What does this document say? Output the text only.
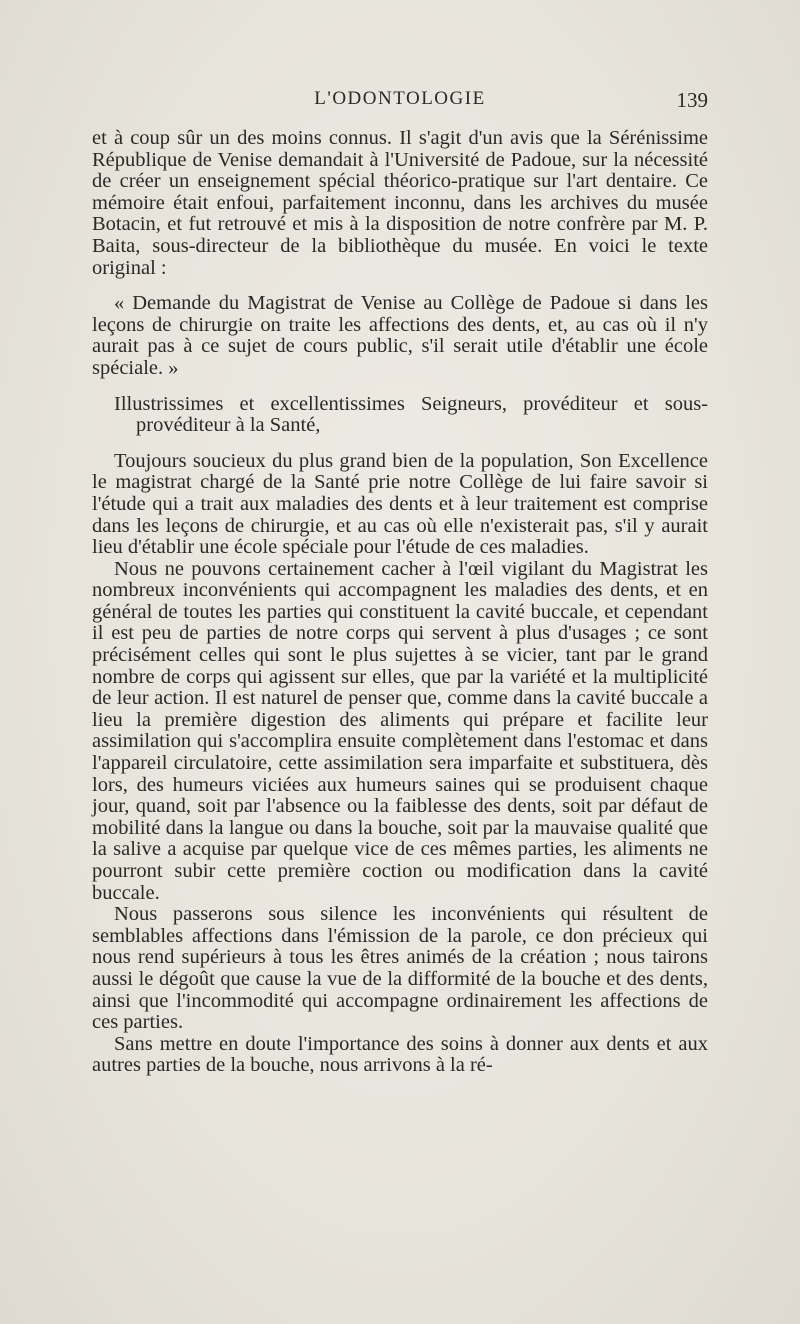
L'ODONTOLOGIE	139

et à coup sûr un des moins connus. Il s'agit d'un avis que la Sérénissime République de Venise demandait à l'Université de Padoue, sur la nécessité de créer un enseignement spécial théorico-pratique sur l'art dentaire. Ce mémoire était enfoui, parfaitement inconnu, dans les archives du musée Botacin, et fut retrouvé et mis à la disposition de notre confrère par M. P. Baita, sous-directeur de la bibliothèque du musée. En voici le texte original :

« Demande du Magistrat de Venise au Collège de Padoue si dans les leçons de chirurgie on traite les affections des dents, et, au cas où il n'y aurait pas à ce sujet de cours public, s'il serait utile d'établir une école spéciale. »

Illustrissimes et excellentissimes Seigneurs, provéditeur et sous-provéditeur à la Santé,

Toujours soucieux du plus grand bien de la population, Son Excellence le magistrat chargé de la Santé prie notre Collège de lui faire savoir si l'étude qui a trait aux maladies des dents et à leur traitement est comprise dans les leçons de chirurgie, et au cas où elle n'existerait pas, s'il y aurait lieu d'établir une école spéciale pour l'étude de ces maladies.

Nous ne pouvons certainement cacher à l'œil vigilant du Magistrat les nombreux inconvénients qui accompagnent les maladies des dents, et en général de toutes les parties qui constituent la cavité buccale, et cependant il est peu de parties de notre corps qui servent à plus d'usages ; ce sont précisément celles qui sont le plus sujettes à se vicier, tant par le grand nombre de corps qui agissent sur elles, que par la variété et la multiplicité de leur action. Il est naturel de penser que, comme dans la cavité buccale a lieu la première digestion des aliments qui prépare et facilite leur assimilation qui s'accomplira ensuite complètement dans l'estomac et dans l'appareil circulatoire, cette assimilation sera imparfaite et substituera, dès lors, des humeurs viciées aux humeurs saines qui se produisent chaque jour, quand, soit par l'absence ou la faiblesse des dents, soit par défaut de mobilité dans la langue ou dans la bouche, soit par la mauvaise qualité que la salive a acquise par quelque vice de ces mêmes parties, les aliments ne pourront subir cette première coction ou modification dans la cavité buccale.

Nous passerons sous silence les inconvénients qui résultent de semblables affections dans l'émission de la parole, ce don précieux qui nous rend supérieurs à tous les êtres animés de la création ; nous tairons aussi le dégoût que cause la vue de la difformité de la bouche et des dents, ainsi que l'incommodité qui accompagne ordinairement les affections de ces parties.

Sans mettre en doute l'importance des soins à donner aux dents et aux autres parties de la bouche, nous arrivons à la ré-
